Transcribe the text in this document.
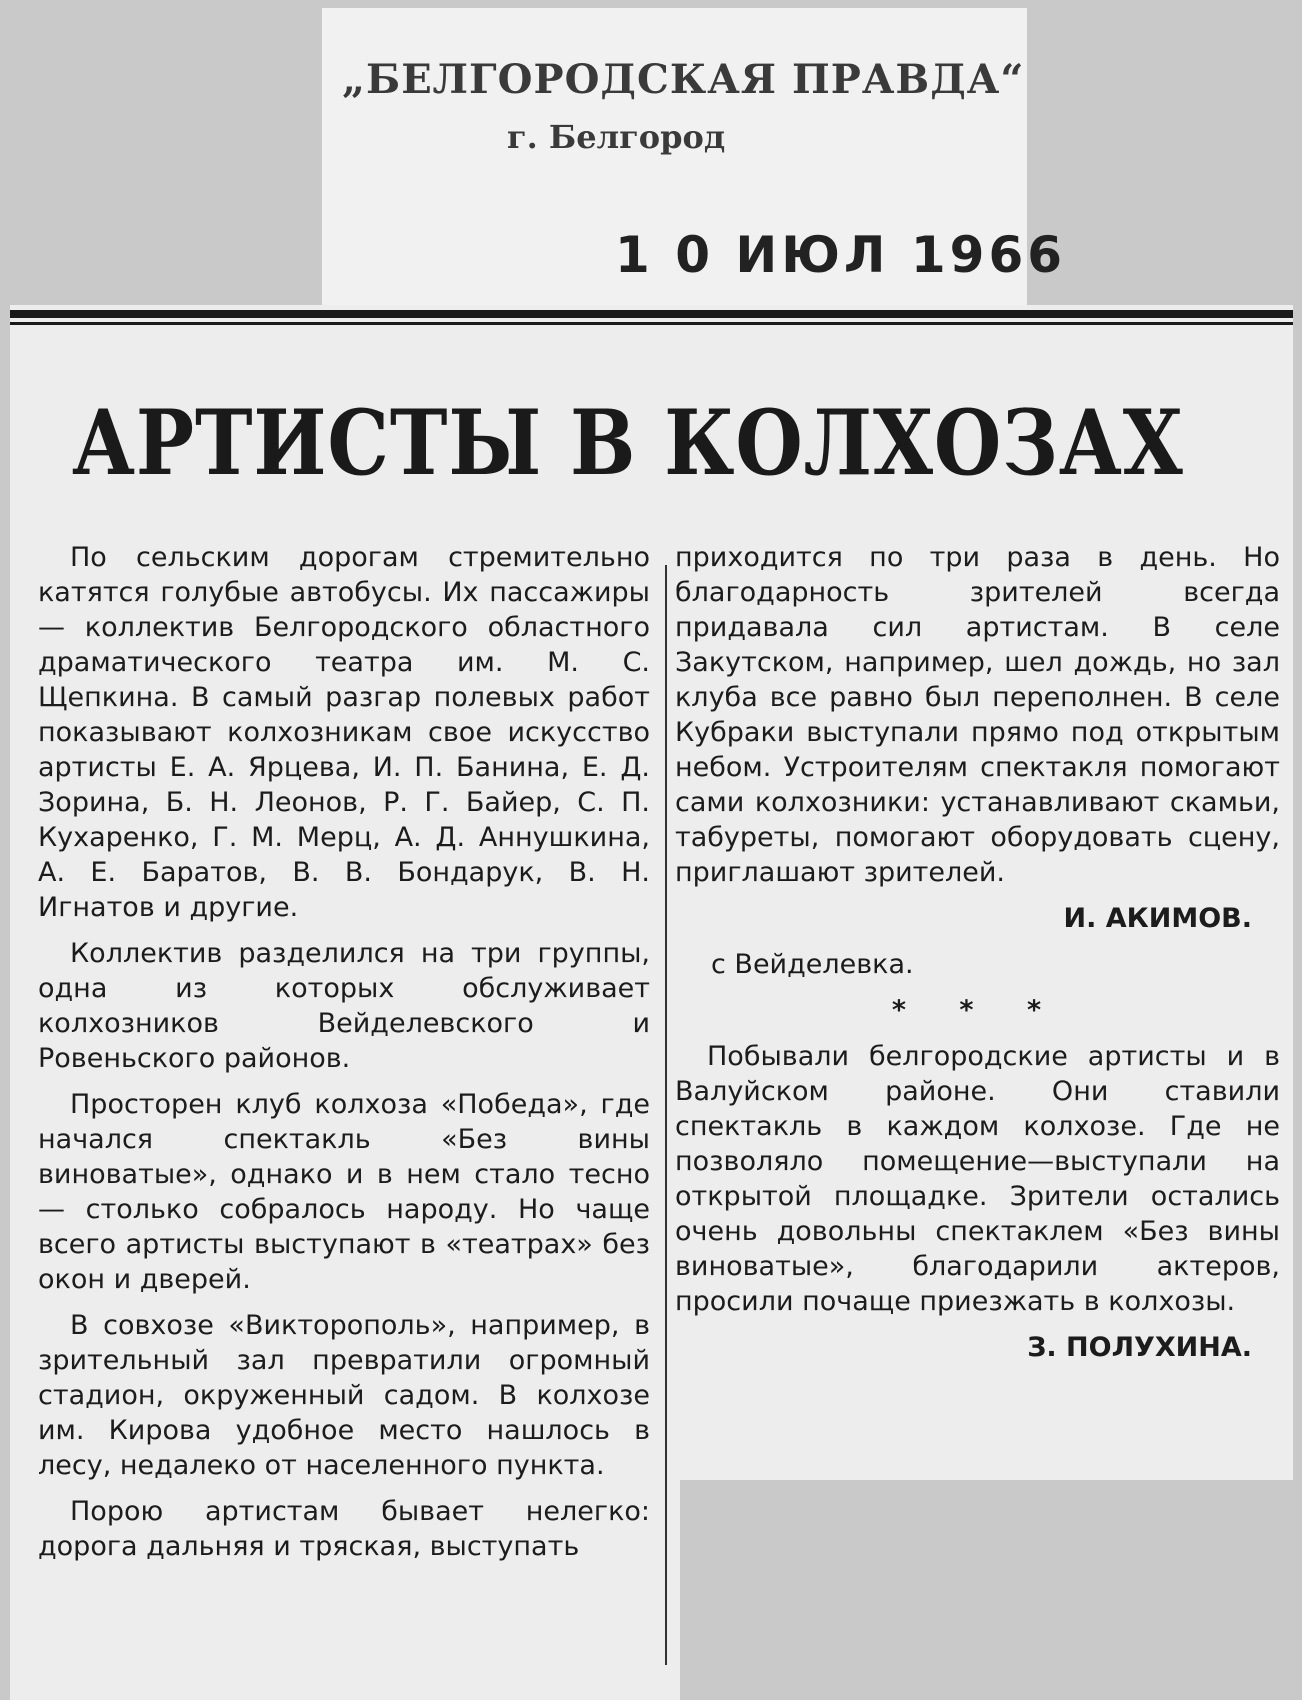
„БЕЛГОРОДСКАЯ ПРАВДА“
г. Белгород
1 0 ИЮЛ 1966
АРТИСТЫ В КОЛХОЗАХ

По сельским дорогам стремительно катятся голубые автобусы. Их пассажиры — коллектив Белгородского областного драматического театра им. М. С. Щепкина. В самый разгар полевых работ показывают колхозникам свое искусство артисты Е. А. Ярцева, И. П. Банина, Е. Д. Зорина, Б. Н. Леонов, Р. Г. Байер, С. П. Кухаренко, Г. М. Мерц, А. Д. Аннушкина, А. Е. Баратов, В. В. Бондарук, В. Н. Игнатов и другие.

Коллектив разделился на три группы, одна из которых обслуживает колхозников Вейделевского и Ровеньского районов.

Просторен клуб колхоза «Победа», где начался спектакль «Без вины виноватые», однако и в нем стало тесно — столько собралось народу. Но чаще всего артисты выступают в «театрах» без окон и дверей.

В совхозе «Викторополь», например, в зрительный зал превратили огромный стадион, окруженный садом. В колхозе им. Кирова удобное место нашлось в лесу, недалеко от населенного пункта.

Порою артистам бывает нелегко: дорога дальняя и тряская, выступать

приходится по три раза в день. Но благодарность зрителей всегда придавала сил артистам. В селе Закутском, например, шел дождь, но зал клуба все равно был переполнен. В селе Кубраки выступали прямо под открытым небом. Устроителям спектакля помогают сами колхозники: устанавливают скамьи, табуреты, помогают оборудовать сцену, приглашают зрителей.

И. АКИМОВ.

с Вейделевка.

* * *

Побывали белгородские артисты и в Валуйском районе. Они ставили спектакль в каждом колхозе. Где не позволяло помещение—выступали на открытой площадке. Зрители остались очень довольны спектаклем «Без вины виноватые», благодарили актеров, просили почаще приезжать в колхозы.

З. ПОЛУХИНА.
